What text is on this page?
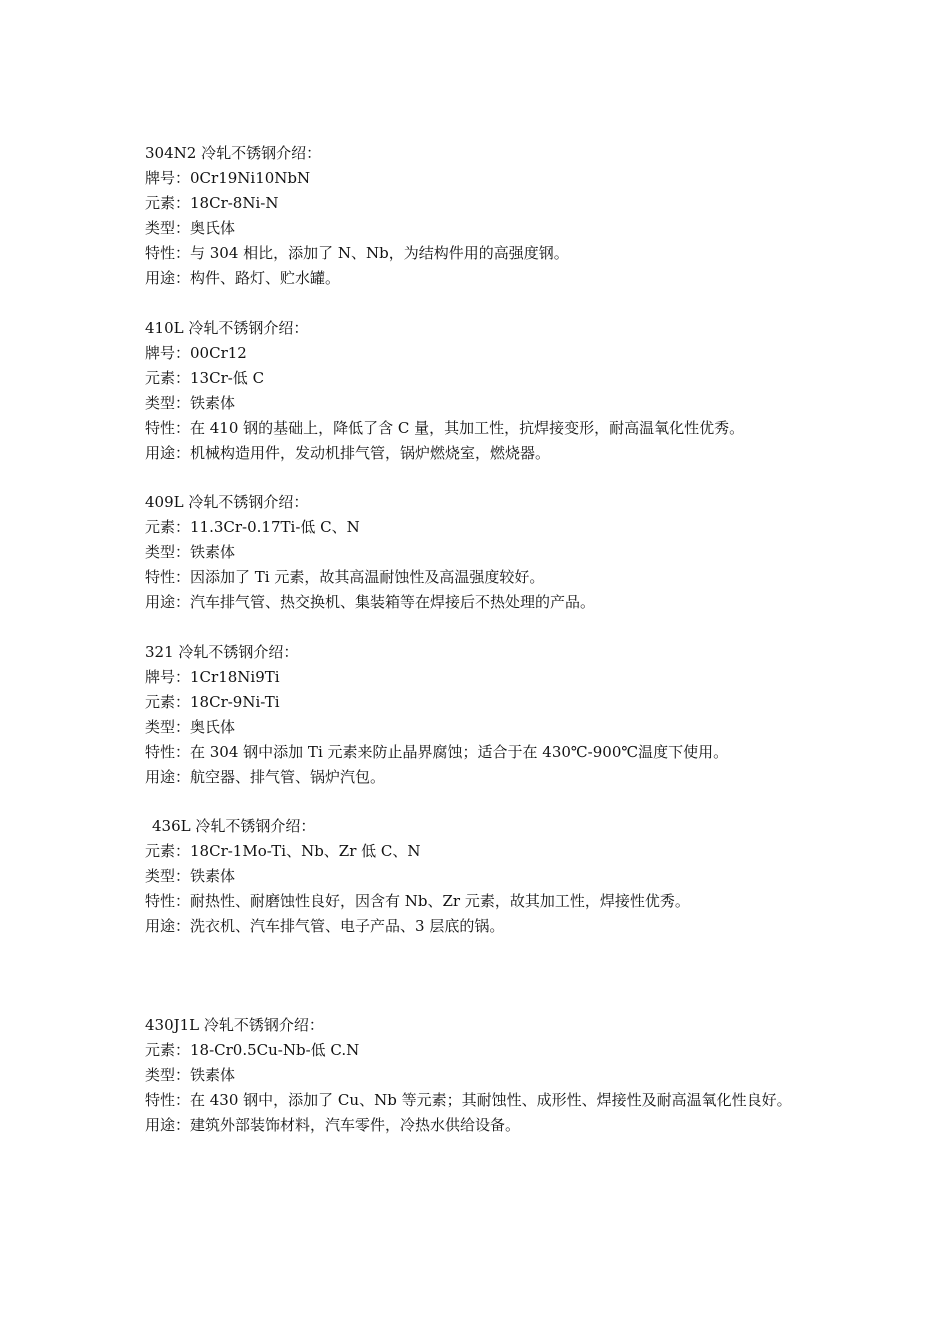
304N2 冷轧不锈钢介绍：
牌号：0Cr19Ni10NbN
元素：18Cr-8Ni-N
类型：奥氏体
特性：与 304 相比，添加了 N、Nb，为结构件用的高强度钢。
用途：构件、路灯、贮水罐。
410L 冷轧不锈钢介绍：
牌号：00Cr12
元素：13Cr-低 C
类型：铁素体
特性：在 410 钢的基础上，降低了含 C 量，其加工性，抗焊接变形，耐高温氧化性优秀。
用途：机械构造用件，发动机排气管，锅炉燃烧室，燃烧器。
409L 冷轧不锈钢介绍：
元素：11.3Cr-0.17Ti-低 C、N
类型：铁素体
特性：因添加了 Ti 元素，故其高温耐蚀性及高温强度较好。
用途：汽车排气管、热交换机、集装箱等在焊接后不热处理的产品。
321 冷轧不锈钢介绍：
牌号：1Cr18Ni9Ti
元素：18Cr-9Ni-Ti
类型：奥氏体
特性：在 304 钢中添加 Ti 元素来防止晶界腐蚀；适合于在 430℃-900℃温度下使用。
用途：航空器、排气管、锅炉汽包。
436L 冷轧不锈钢介绍：
元素：18Cr-1Mo-Ti、Nb、Zr 低 C、N
类型：铁素体
特性：耐热性、耐磨蚀性良好，因含有 Nb、Zr 元素，故其加工性，焊接性优秀。
用途：洗衣机、汽车排气管、电子产品、3 层底的锅。
430J1L 冷轧不锈钢介绍：
元素：18-Cr0.5Cu-Nb-低 C.N
类型：铁素体
特性：在 430 钢中，添加了 Cu、Nb 等元素；其耐蚀性、成形性、焊接性及耐高温氧化性良好。
用途：建筑外部装饰材料，汽车零件，冷热水供给设备。
